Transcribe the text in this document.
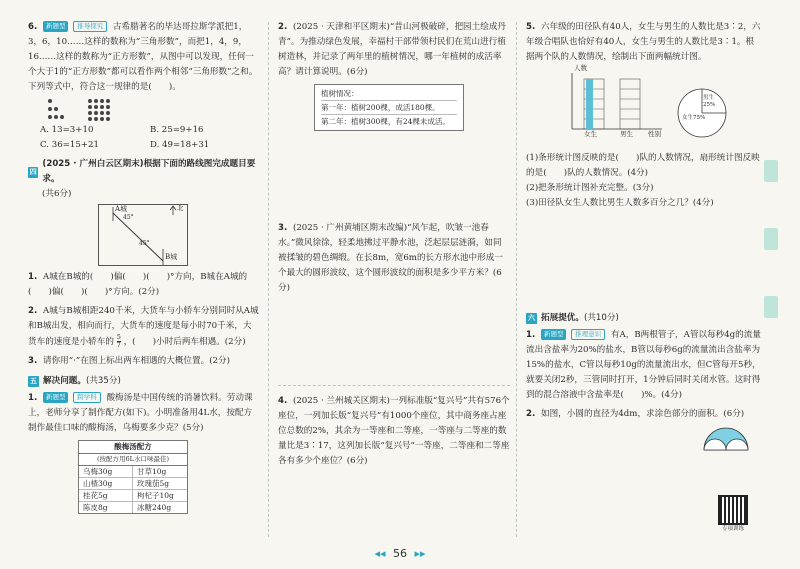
6. 新题型 推导探究 古希腊著名的毕达哥拉斯学派把1，3，6，10……这样的数称为“三角形数”，而把1，4，9，16……这样的数称为“正方形数”，从图中可以发现，任何一个大于1的“正方形数”都可以看作两个相邻“三角形数”之和。下列等式中，符合这一规律的是(　　)。
A. 13=3+10	B. 25=9+16
C. 36=15+21	D. 49=18+31
四
(2025 · 广州白云区期末)根据下面的路线图完成题目要求。
(共6分)
A城
45°
45°
B城
北
1. A城在B城的(　　)偏(　　)(　　)°方向，B城在A城的(　　)偏(　　)(　　)°方向。(2分)
2. A城与B城相距240千米，大货车与小轿车分别同时从A城和B城出发，相向而行，大货车的速度是每小时70千米，大货车的速度是小轿车的 $\frac{5}{7}$ ，(　　)小时后两车相遇。(2分)
3. 请你用“·”在图上标出两车相遇的大概位置。(2分)
五 解决问题。 (共35分)
1. 新题型 跨学科 酸梅汤是中国传统的消暑饮料。劳动课上，老师分享了制作配方(如下)。小明准备用4L水，按配方制作最佳口味的酸梅汤，乌梅要多少克？(5分)
酸梅汤配方
(按配方用6L水口味最佳)
乌梅30g	甘草10g
山楂30g	玫瑰茄5g
桂花5g	枸杞子10g
陈皮8g	冰糖240g
2. (2025 · 天津和平区期末)“昔山河极破碎，把园土绘成丹青”。为推动绿色发展，幸福村干部带领村民们在荒山进行植树造林，并记录了两年里的植树情况，哪一年植树的成活率高？请计算说明。(6分)
植树情况：
第一年：植树200棵，成活180棵。
第二年：植树300棵，有24棵未成活。
3. (2025 · 广州黄埔区期末改编)“风乍起，吹皱一池春水。”微风徐徐，轻柔地拂过平静水池，泛起层层涟漪，如同被揉皱的碧色绸缎。在长8m，宽6m的长方形水池中形成一个最大的圆形波纹，这个圆形波纹的面积是多少平方米？(6分)
4. (2025 · 兰州城关区期末)一列标准版“复兴号”共有576个座位，一列加长版“复兴号”有1000个座位，其中商务座占座位总数的2%，其余为一等座和二等座，一等座与二等座的数量比是3∶17，这列加长版“复兴号”一等座，二等座和二等座各有多少个座位？(6分)
5. 六年级的田径队有40人，女生与男生的人数比是3∶2，六年级合唱队也恰好有40人，女生与男生的人数比是3∶1。根据两个队的人数情况，绘制出下面两幅统计图。
人数
女生	男生 性别
男生 25%
女生75%
(1)条形统计图反映的是(　　)队的人数情况，扇形统计图反映的是(　　)队的人数情况。(4分)
(2)把条形统计图补充完整。(3分)
(3)田径队女生人数比男生人数多百分之几？(4分)
六 拓展提优。 (共10分)
1. 新题型 推理意识 有A，B两根管子，A管以每秒4g的流量流出含盐率为20%的盐水，B管以每秒6g的流量流出含盐率为15%的盐水，C管以每秒10g的流量流出水，但C管每开5秒，就要关闭2秒，三管同时打开，1分钟后同时关闭水管。这时得到的混合溶液中含盐率是(　　)%。(4分)
2. 如图，小圆的直径为4dm，求涂色部分的面积。(6分)
专项训练
◂◂ 56 ▸▸
